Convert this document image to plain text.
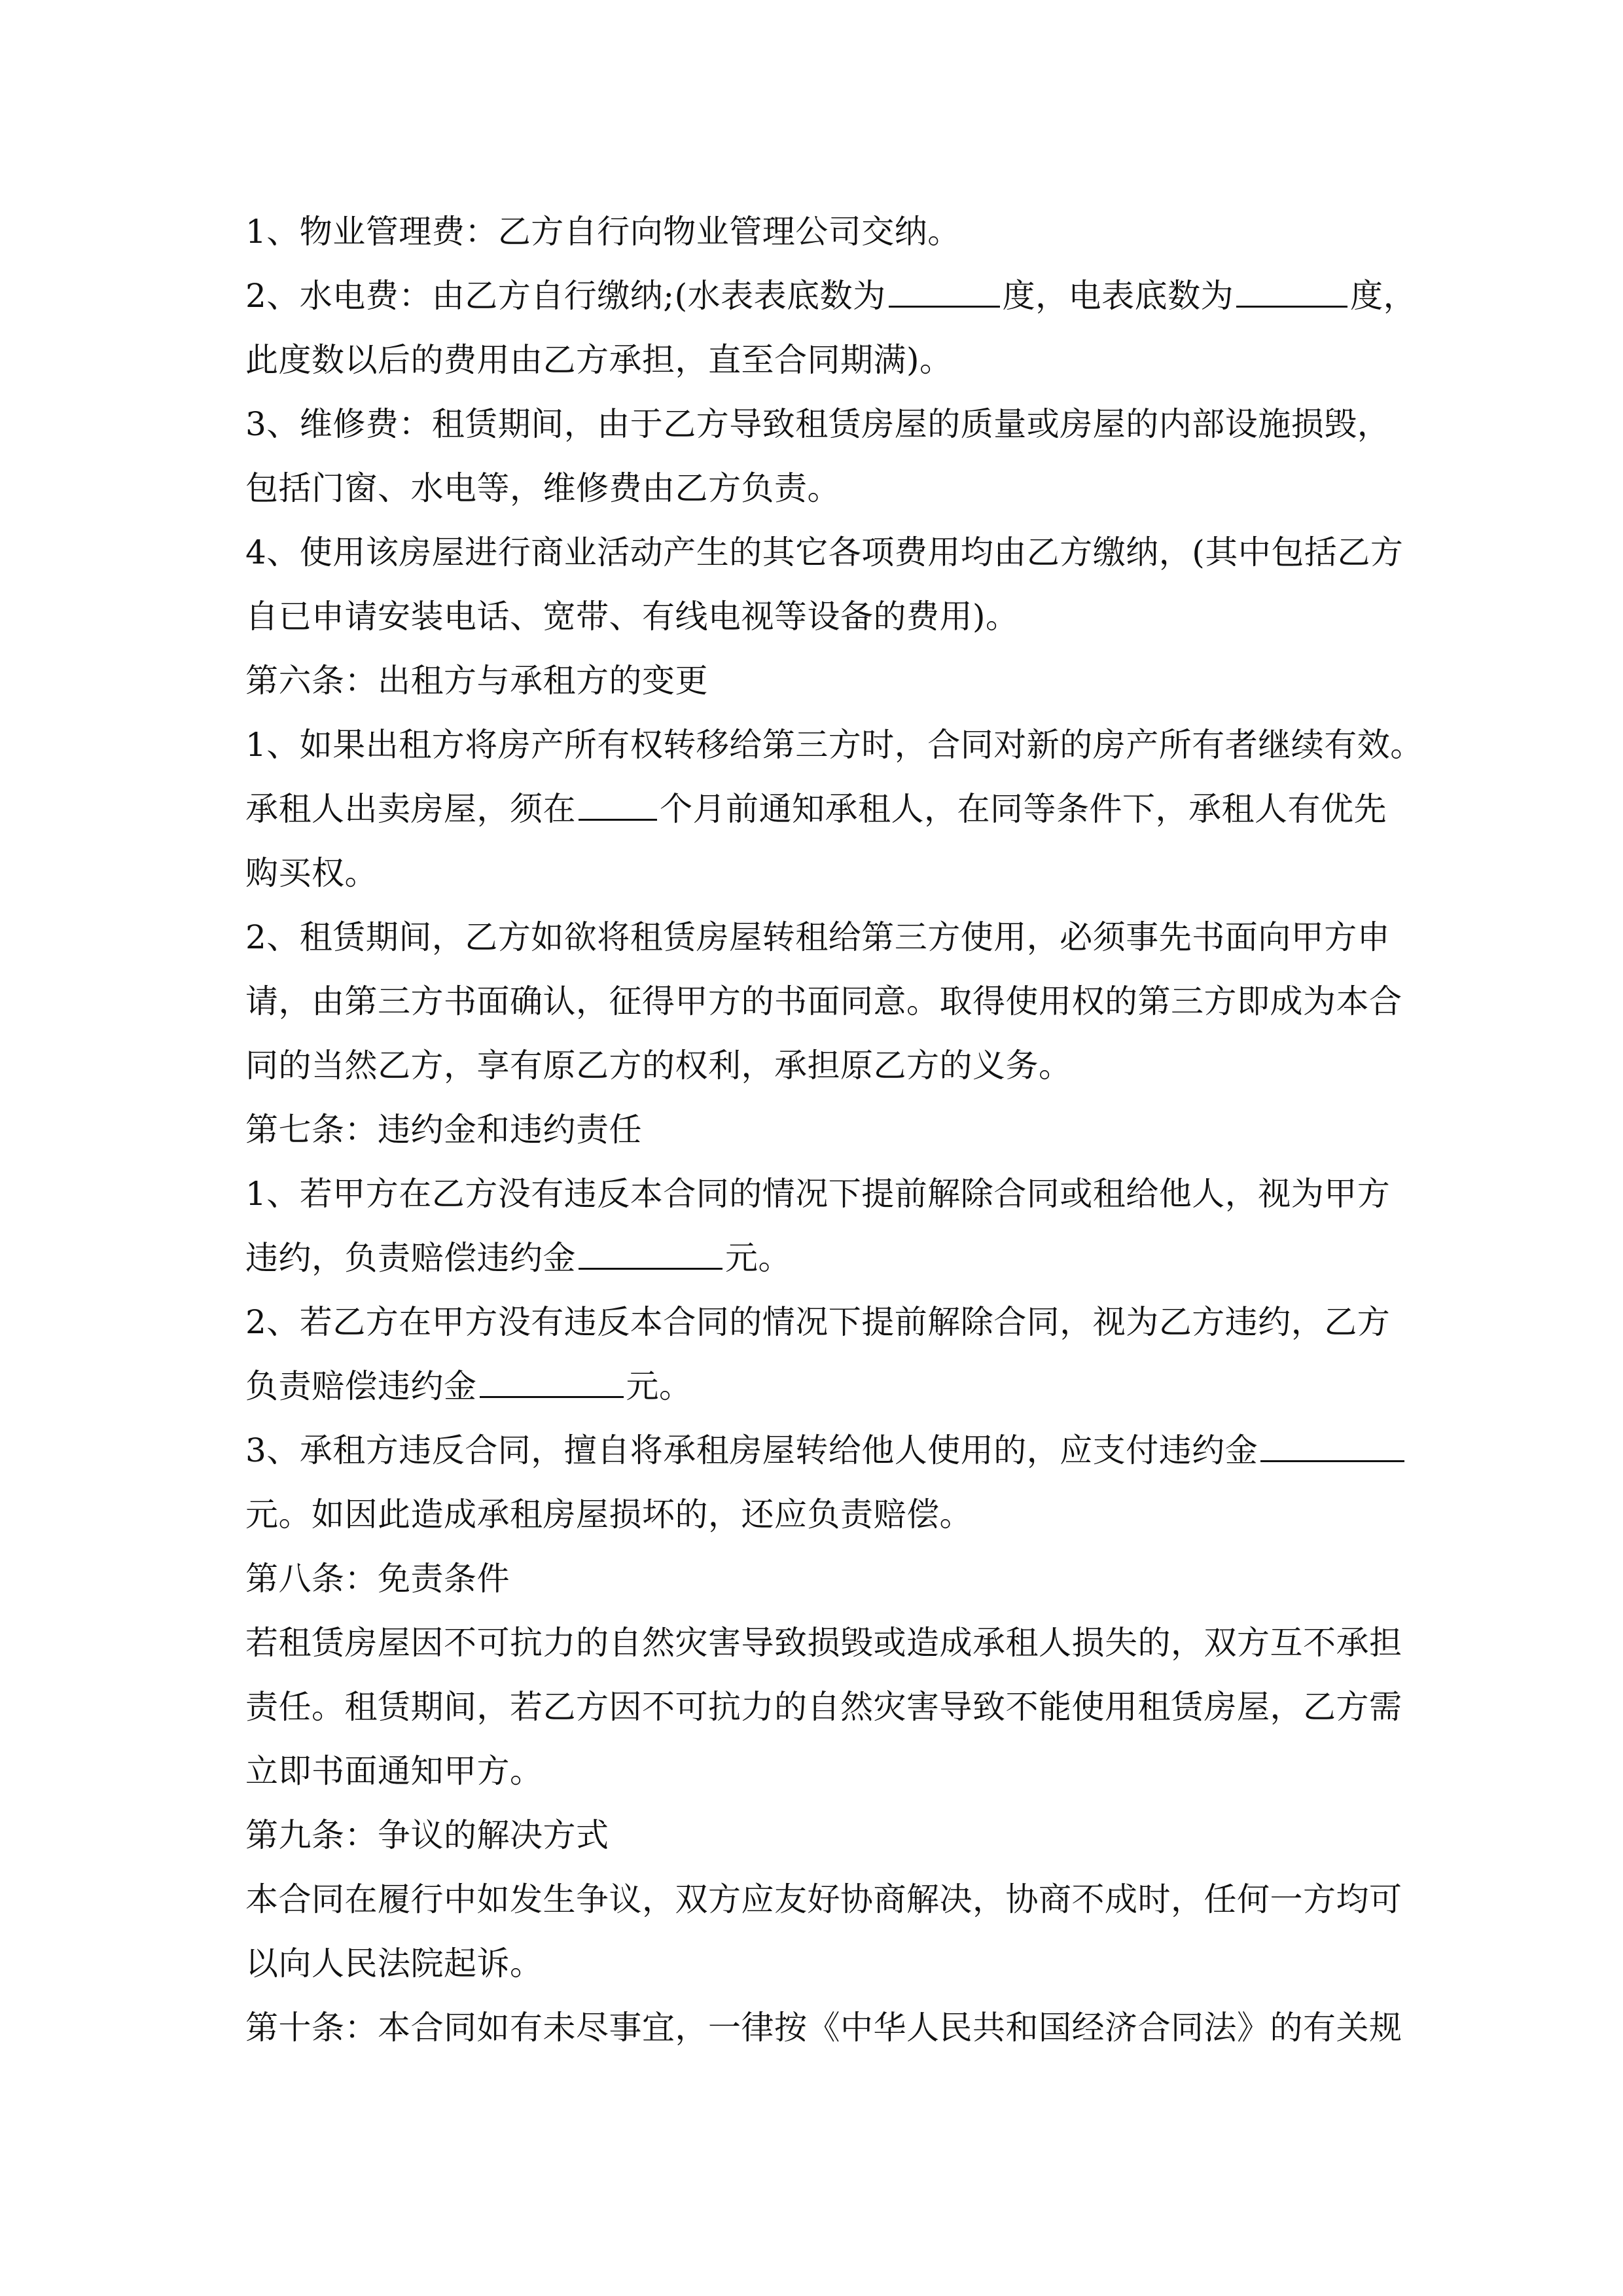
1、物业管理费：乙方自行向物业管理公司交纳。
2、水电费：由乙方自行缴纳;(水表表底数为	度，电表底数为	度，
此度数以后的费用由乙方承担，直至合同期满)。
3、维修费：租赁期间，由于乙方导致租赁房屋的质量或房屋的内部设施损毁，
包括门窗、水电等，维修费由乙方负责。
4、使用该房屋进行商业活动产生的其它各项费用均由乙方缴纳，(其中包括乙方
自已申请安装电话、宽带、有线电视等设备的费用)。
第六条：出租方与承租方的变更
1、如果出租方将房产所有权转移给第三方时，合同对新的房产所有者继续有效。
承租人出卖房屋，须在	个月前通知承租人，在同等条件下，承租人有优先
购买权。
2、租赁期间，乙方如欲将租赁房屋转租给第三方使用，必须事先书面向甲方申
请，由第三方书面确认，征得甲方的书面同意。取得使用权的第三方即成为本合
同的当然乙方，享有原乙方的权利，承担原乙方的义务。
第七条：违约金和违约责任
1、若甲方在乙方没有违反本合同的情况下提前解除合同或租给他人，视为甲方
违约，负责赔偿违约金	元。
2、若乙方在甲方没有违反本合同的情况下提前解除合同，视为乙方违约，乙方
负责赔偿违约金	元。
3、承租方违反合同，擅自将承租房屋转给他人使用的，应支付违约金
元。如因此造成承租房屋损坏的，还应负责赔偿。
第八条：免责条件
若租赁房屋因不可抗力的自然灾害导致损毁或造成承租人损失的，双方互不承担
责任。租赁期间，若乙方因不可抗力的自然灾害导致不能使用租赁房屋，乙方需
立即书面通知甲方。
第九条：争议的解决方式
本合同在履行中如发生争议，双方应友好协商解决，协商不成时，任何一方均可
以向人民法院起诉。
第十条：本合同如有未尽事宜，一律按《中华人民共和国经济合同法》的有关规
